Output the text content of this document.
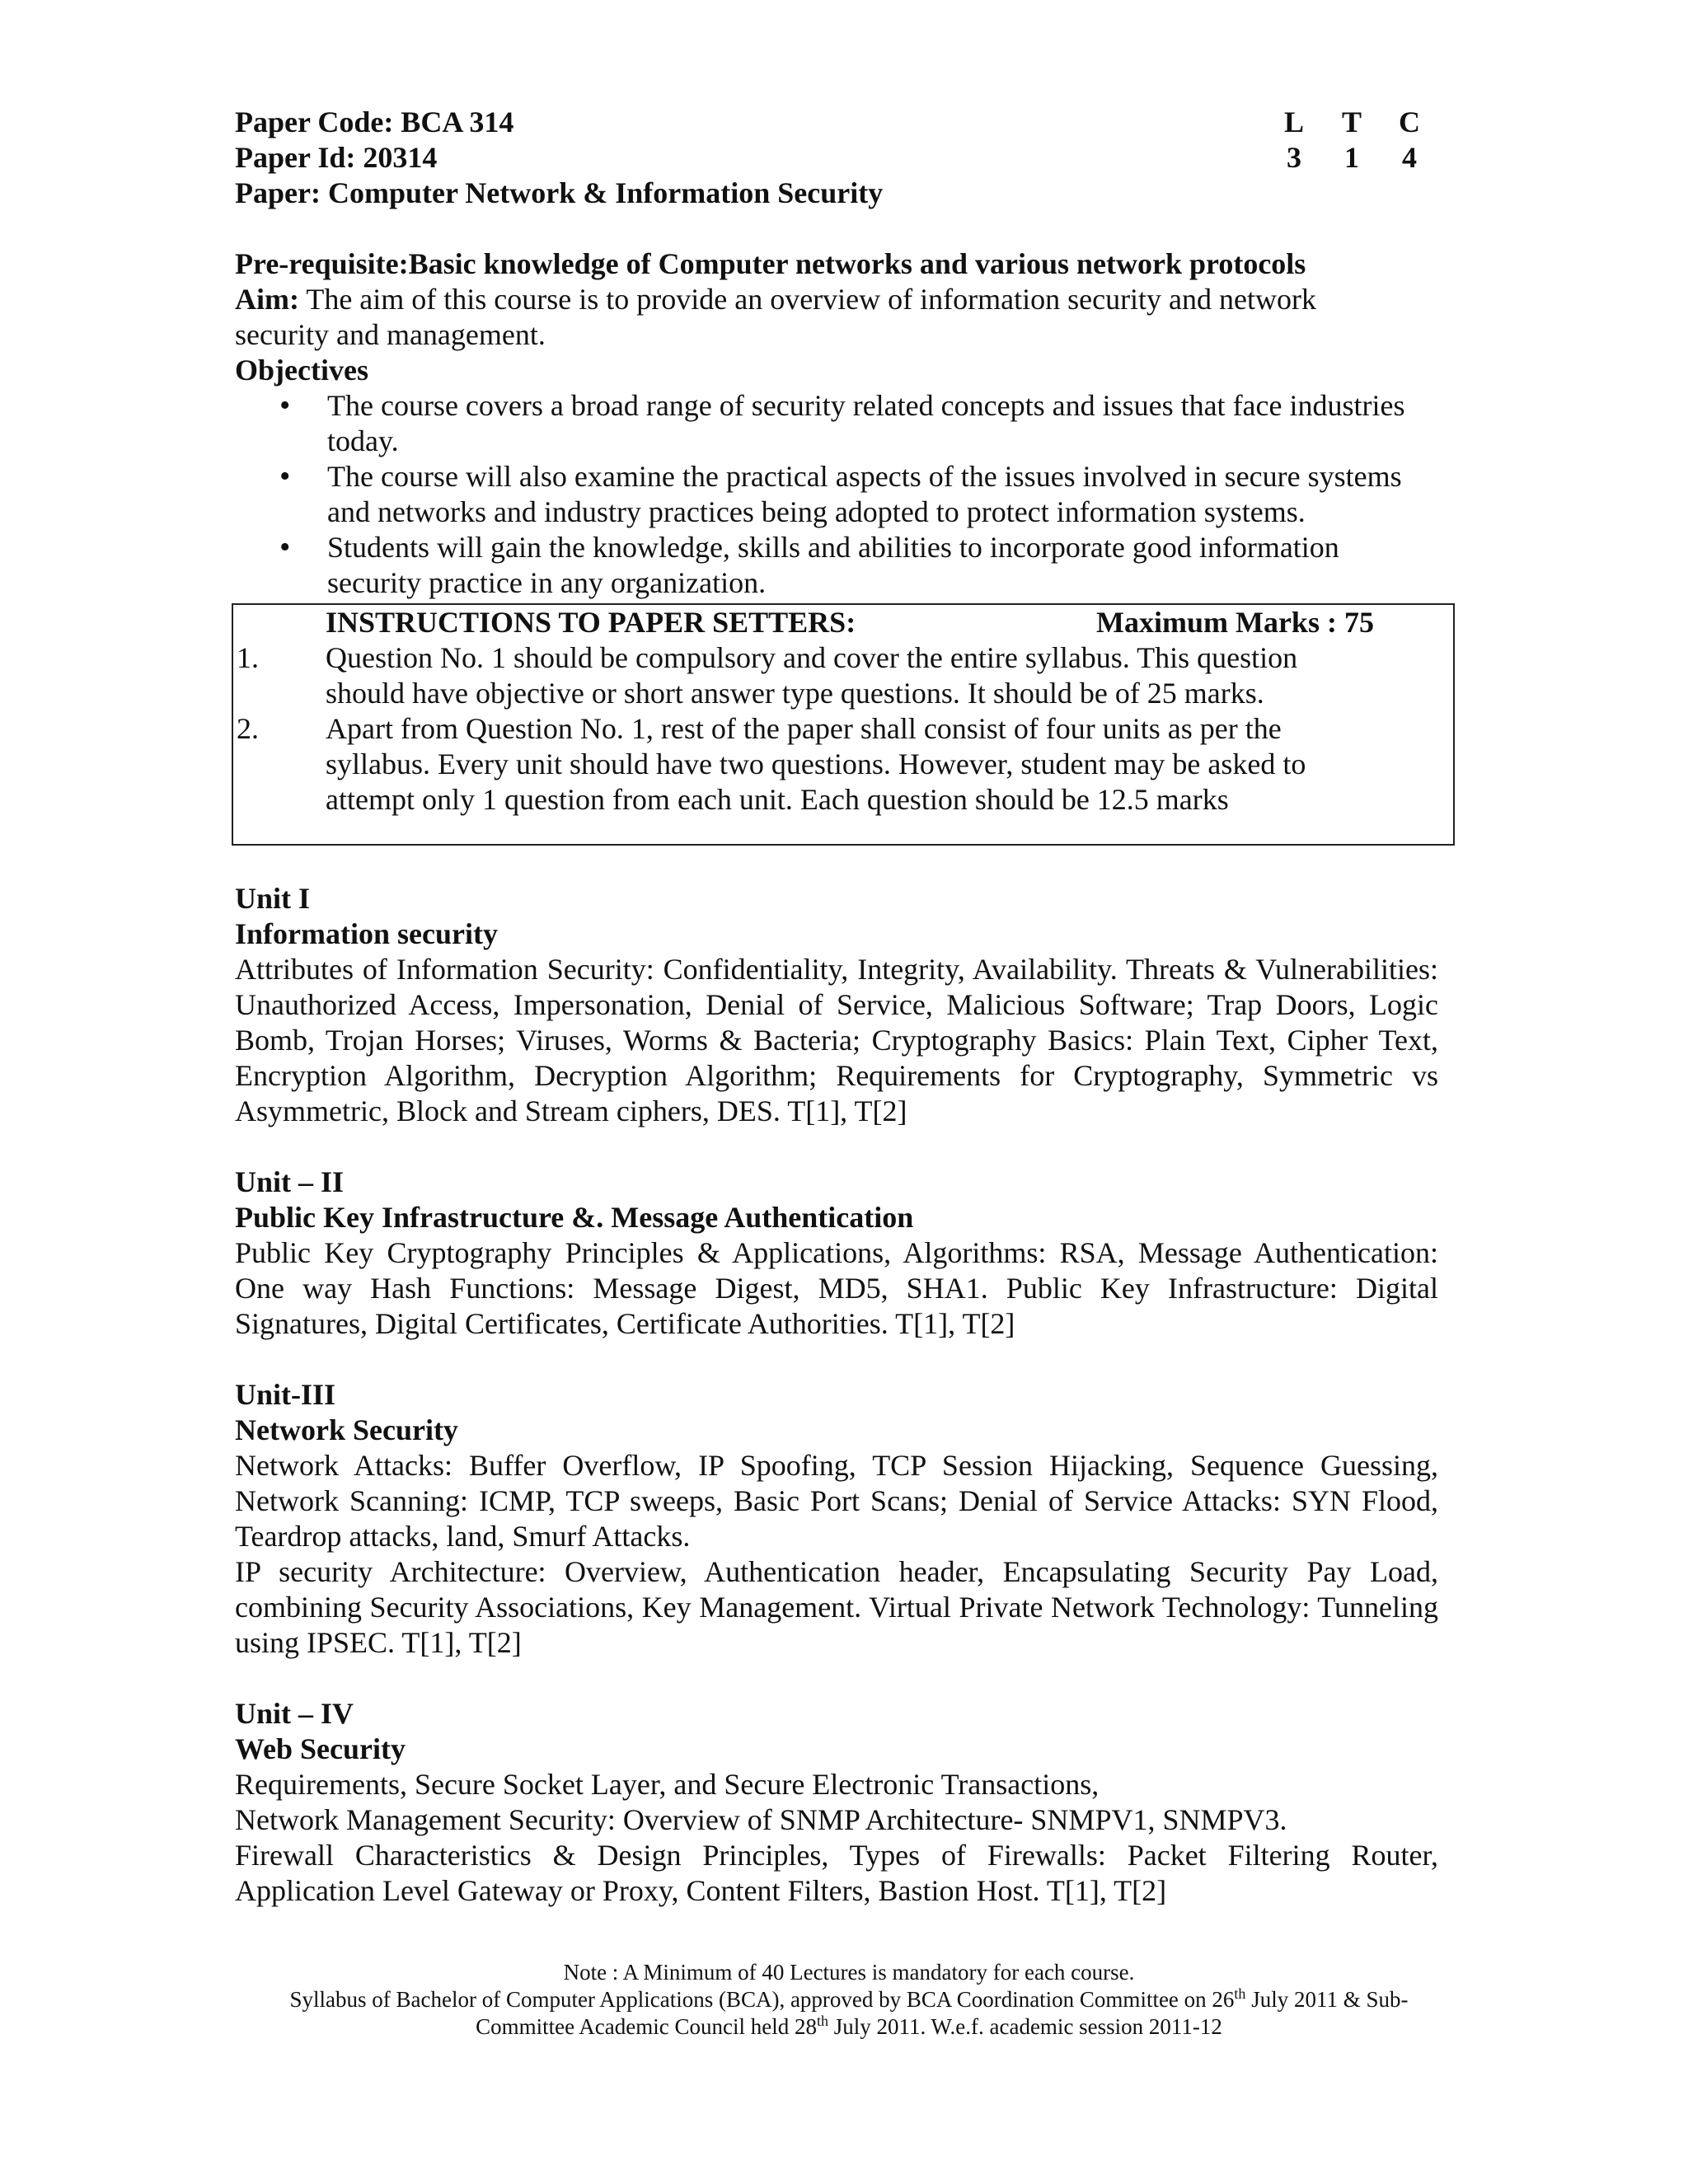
Paper Code: BCA 314
Paper Id: 20314
Paper: Computer Network & Information Security
L	T	C
3	1	4
Pre-requisite:Basic knowledge of Computer networks and various network protocols
Aim: The aim of this course is to provide an overview of information security and network security and management.
Objectives
• The course covers a broad range of security related concepts and issues that face industries today.
• The course will also examine the practical aspects of the issues involved in secure systems and networks and industry practices being adopted to protect information systems.
• Students will gain the knowledge, skills and abilities to incorporate good information security practice in any organization.
INSTRUCTIONS TO PAPER SETTERS:	Maximum Marks : 75
1.	Question No. 1 should be compulsory and cover the entire syllabus. This question should have objective or short answer type questions. It should be of 25 marks.
2.	Apart from Question No. 1, rest of the paper shall consist of four units as per the syllabus. Every unit should have two questions. However, student may be asked to attempt only 1 question from each unit. Each question should be 12.5 marks
Unit I
Information security

Attributes of Information Security: Confidentiality, Integrity, Availability. Threats & Vulnerabilities: Unauthorized Access, Impersonation, Denial of Service, Malicious Software; Trap Doors, Logic Bomb, Trojan Horses; Viruses, Worms & Bacteria; Cryptography Basics: Plain Text, Cipher Text, Encryption Algorithm, Decryption Algorithm; Requirements for Cryptography, Symmetric vs Asymmetric, Block and Stream ciphers, DES. T[1], T[2]

Unit – II
Public Key Infrastructure &. Message Authentication

Public Key Cryptography Principles & Applications, Algorithms: RSA, Message Authentication: One way Hash Functions: Message Digest, MD5, SHA1. Public Key Infrastructure: Digital Signatures, Digital Certificates, Certificate Authorities. T[1], T[2]

Unit-III
Network Security

Network Attacks: Buffer Overflow, IP Spoofing, TCP Session Hijacking, Sequence Guessing, Network Scanning: ICMP, TCP sweeps, Basic Port Scans; Denial of Service Attacks: SYN Flood, Teardrop attacks, land, Smurf Attacks.

IP security Architecture: Overview, Authentication header, Encapsulating Security Pay Load, combining Security Associations, Key Management. Virtual Private Network Technology: Tunneling using IPSEC. T[1], T[2]

Unit – IV
Web Security

Requirements, Secure Socket Layer, and Secure Electronic Transactions,

Network Management Security: Overview of SNMP Architecture- SNMPV1, SNMPV3.

Firewall Characteristics & Design Principles, Types of Firewalls: Packet Filtering Router, Application Level Gateway or Proxy, Content Filters, Bastion Host. T[1], T[2]

Note : A Minimum of 40 Lectures is mandatory for each course.
Syllabus of Bachelor of Computer Applications (BCA), approved by BCA Coordination Committee on 26th July 2011 & Sub-
Committee Academic Council held 28th July 2011. W.e.f. academic session 2011-12
